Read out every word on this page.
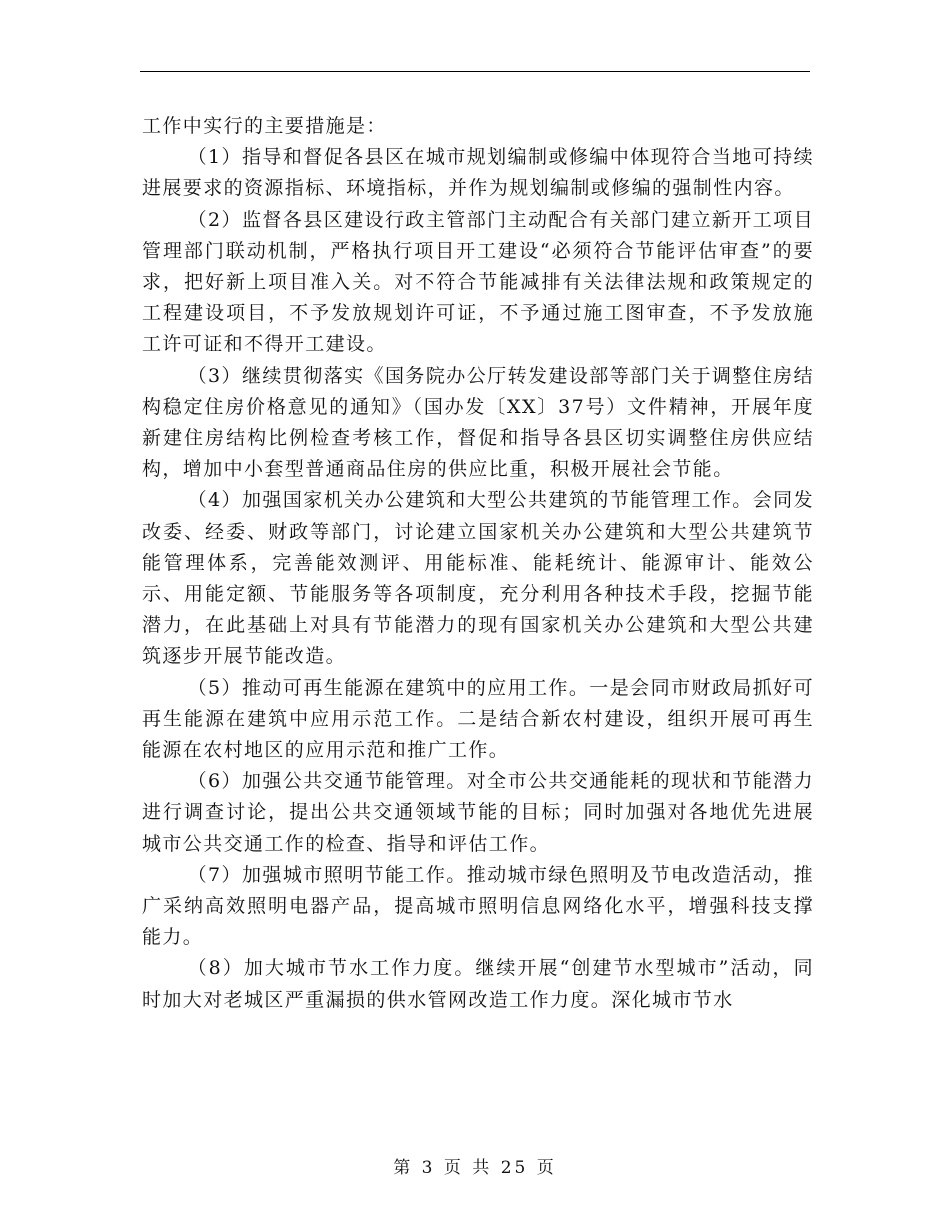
工作中实行的主要措施是：

（1）指导和督促各县区在城市规划编制或修编中体现符合当地可持续进展要求的资源指标、环境指标，并作为规划编制或修编的强制性内容。

（2）监督各县区建设行政主管部门主动配合有关部门建立新开工项目管理部门联动机制，严格执行项目开工建设“必须符合节能评估审查”的要求，把好新上项目准入关。对不符合节能减排有关法律法规和政策规定的工程建设项目，不予发放规划许可证，不予通过施工图审查，不予发放施工许可证和不得开工建设。

（3）继续贯彻落实《国务院办公厅转发建设部等部门关于调整住房结构稳定住房价格意见的通知》（国办发〔XX〕37号）文件精神，开展年度新建住房结构比例检查考核工作，督促和指导各县区切实调整住房供应结构，增加中小套型普通商品住房的供应比重，积极开展社会节能。

（4）加强国家机关办公建筑和大型公共建筑的节能管理工作。会同发改委、经委、财政等部门，讨论建立国家机关办公建筑和大型公共建筑节能管理体系，完善能效测评、用能标准、能耗统计、能源审计、能效公示、用能定额、节能服务等各项制度，充分利用各种技术手段，挖掘节能潜力，在此基础上对具有节能潜力的现有国家机关办公建筑和大型公共建筑逐步开展节能改造。

（5）推动可再生能源在建筑中的应用工作。一是会同市财政局抓好可再生能源在建筑中应用示范工作。二是结合新农村建设，组织开展可再生能源在农村地区的应用示范和推广工作。

（6）加强公共交通节能管理。对全市公共交通能耗的现状和节能潜力进行调查讨论，提出公共交通领域节能的目标；同时加强对各地优先进展城市公共交通工作的检查、指导和评估工作。

（7）加强城市照明节能工作。推动城市绿色照明及节电改造活动，推广采纳高效照明电器产品，提高城市照明信息网络化水平，增强科技支撑能力。

（8）加大城市节水工作力度。继续开展“创建节水型城市”活动，同时加大对老城区严重漏损的供水管网改造工作力度。深化城市节水

第 3 页 共 25 页
